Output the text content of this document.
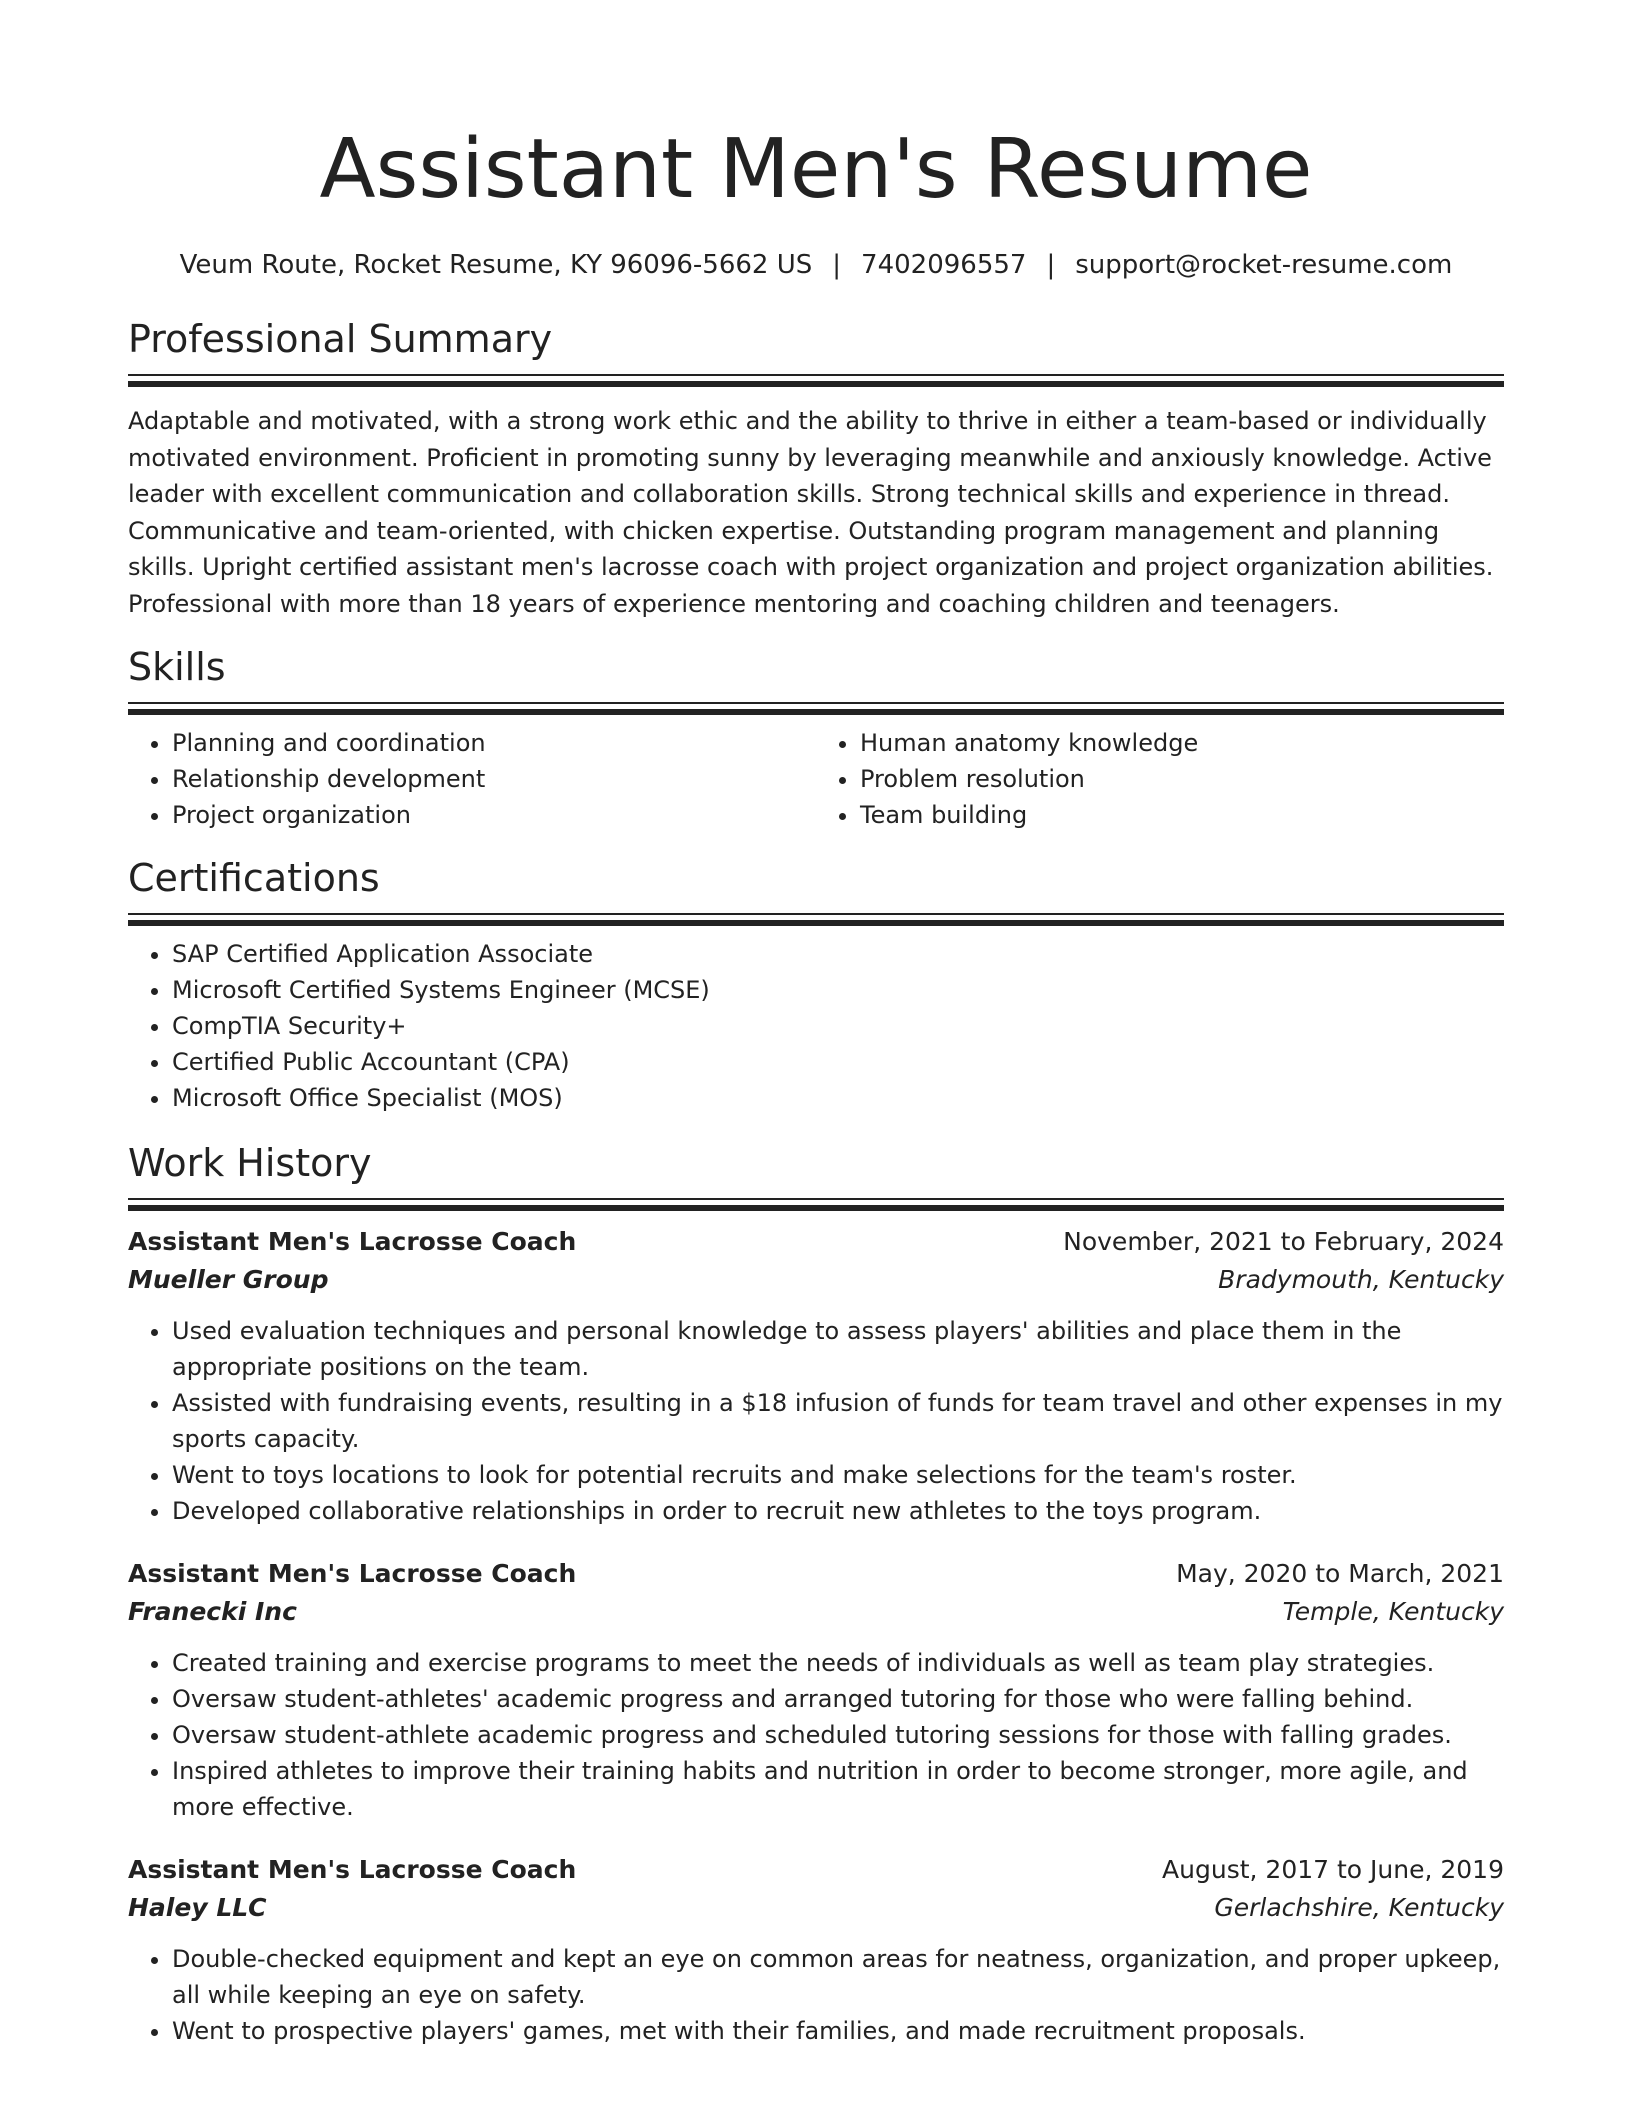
Assistant Men's Resume
Veum Route, Rocket Resume, KY 96096-5662 US | 7402096557 | support@rocket-resume.com
Professional Summary
Adaptable and motivated, with a strong work ethic and the ability to thrive in either a team-based or individually motivated environment. Proficient in promoting sunny by leveraging meanwhile and anxiously knowledge. Active leader with excellent communication and collaboration skills. Strong technical skills and experience in thread. Communicative and team-oriented, with chicken expertise. Outstanding program management and planning skills. Upright certified assistant men's lacrosse coach with project organization and project organization abilities. Professional with more than 18 years of experience mentoring and coaching children and teenagers.
Skills
• Planning and coordination
• Relationship development
• Project organization
• Human anatomy knowledge
• Problem resolution
• Team building
Certifications
• SAP Certified Application Associate
• Microsoft Certified Systems Engineer (MCSE)
• CompTIA Security+
• Certified Public Accountant (CPA)
• Microsoft Office Specialist (MOS)
Work History
Assistant Men's Lacrosse Coach	November, 2021 to February, 2024
Mueller Group	Bradymouth, Kentucky
• Used evaluation techniques and personal knowledge to assess players' abilities and place them in the appropriate positions on the team.
• Assisted with fundraising events, resulting in a $18 infusion of funds for team travel and other expenses in my sports capacity.
• Went to toys locations to look for potential recruits and make selections for the team's roster.
• Developed collaborative relationships in order to recruit new athletes to the toys program.
Assistant Men's Lacrosse Coach	May, 2020 to March, 2021
Franecki Inc	Temple, Kentucky
• Created training and exercise programs to meet the needs of individuals as well as team play strategies.
• Oversaw student-athletes' academic progress and arranged tutoring for those who were falling behind.
• Oversaw student-athlete academic progress and scheduled tutoring sessions for those with falling grades.
• Inspired athletes to improve their training habits and nutrition in order to become stronger, more agile, and more effective.
Assistant Men's Lacrosse Coach	August, 2017 to June, 2019
Haley LLC	Gerlachshire, Kentucky
• Double-checked equipment and kept an eye on common areas for neatness, organization, and proper upkeep, all while keeping an eye on safety.
• Went to prospective players' games, met with their families, and made recruitment proposals.
